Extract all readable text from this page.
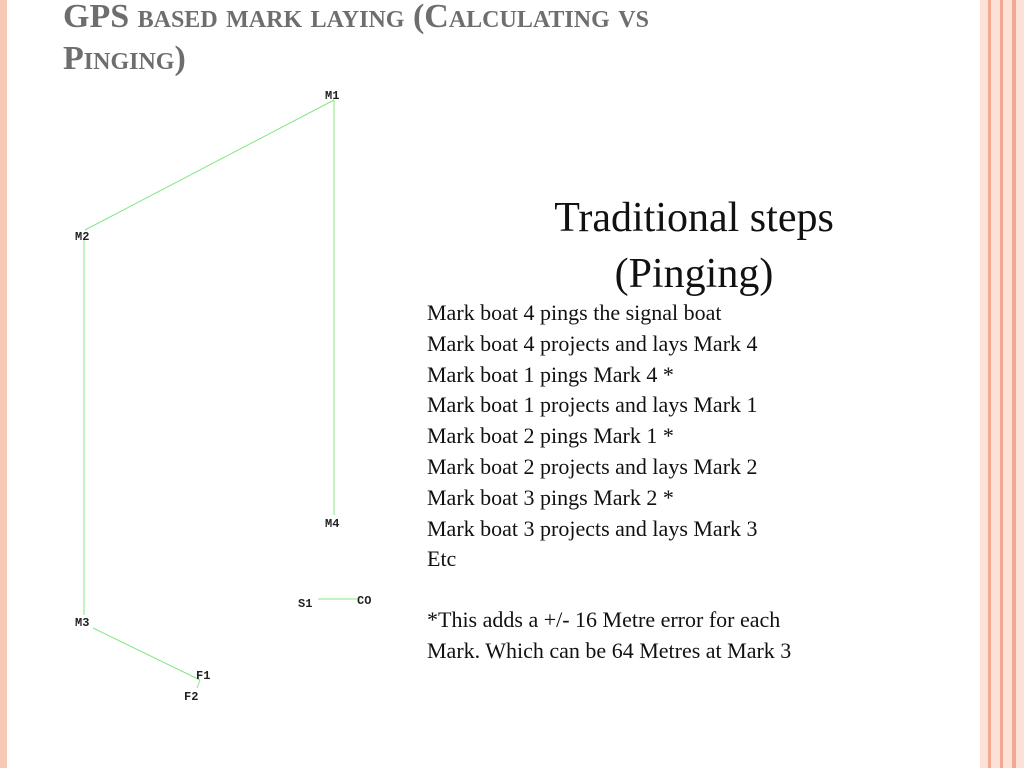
GPS based mark laying (Calculating vs
Pinging)
M1
M2
M4
S1	CO
M3
F1
F2
Traditional steps
(Pinging)
Mark boat 4 pings the signal boat
Mark boat 4 projects and lays Mark 4
Mark boat 1 pings Mark 4 *
Mark boat 1 projects and lays Mark 1
Mark boat 2 pings Mark 1 *
Mark boat 2 projects and lays Mark 2
Mark boat 3 pings Mark 2 *
Mark boat 3 projects and lays Mark 3
Etc

*This adds a +/- 16 Metre error for each

Mark. Which can be 64 Metres at Mark 3
